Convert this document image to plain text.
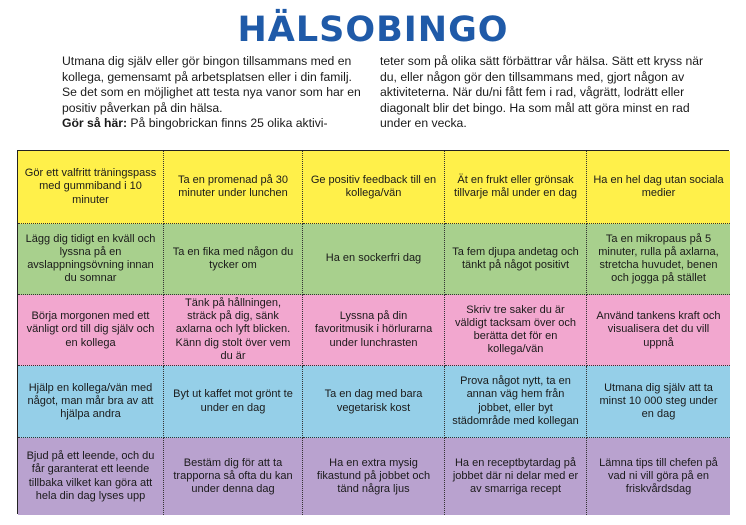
HÄLSOBINGO
Utmana dig själv eller gör bingon tillsammans med en kollega, gemensamt på arbetsplatsen eller i din familj. Se det som en möjlighet att testa nya vanor som har en positiv påverkan på din hälsa.
Gör så här: På bingobrickan finns 25 olika aktivi-
teter som på olika sätt förbättrar vår hälsa. Sätt ett kryss när du, eller någon gör den tillsammans med, gjort någon av aktiviteterna. När du/ni fått fem i rad, vågrätt, lodrätt eller diagonalt blir det bingo. Ha som mål att göra minst en rad under en vecka.
Gör ett valfritt träningspass med gummiband i 10 minuter
Ta en promenad på 30 minuter under lunchen
Ge positiv feedback till en kollega/vän
Ät en frukt eller grönsak tillvarje mål under en dag
Ha en hel dag utan sociala medier
Lägg dig tidigt en kväll och lyssna på en avslappningsövning innan du somnar
Ta en fika med någon du tycker om
Ha en sockerfri dag
Ta fem djupa andetag och tänkt på något positivt
Ta en mikropaus på 5 minuter, rulla på axlarna, stretcha huvudet, benen och jogga på stället
Börja morgonen med ett vänligt ord till dig själv och en kollega
Tänk på hållningen, sträck på dig, sänk axlarna och lyft blicken. Känn dig stolt över vem du är
Lyssna på din favoritmusik i hörlurarna under lunchrasten
Skriv tre saker du är väldigt tacksam över och berätta det för en kollega/vän
Använd tankens kraft och visualisera det du vill uppnå
Hjälp en kollega/vän med något, man mår bra av att hjälpa andra
Byt ut kaffet mot grönt te under en dag
Ta en dag med bara vegetarisk kost
Prova något nytt, ta en annan väg hem från jobbet, eller byt städområde med kollegan
Utmana dig själv att ta minst 10 000 steg under en dag
Bjud på ett leende, och du får garanterat ett leende tillbaka vilket kan göra att hela din dag lyses upp
Bestäm dig för att ta trapporna så ofta du kan under denna dag
Ha en extra mysig fikastund på jobbet och tänd några ljus
Ha en receptbytardag på jobbet där ni delar med er av smarriga recept
Lämna tips till chefen på vad ni vill göra på en friskvårdsdag
